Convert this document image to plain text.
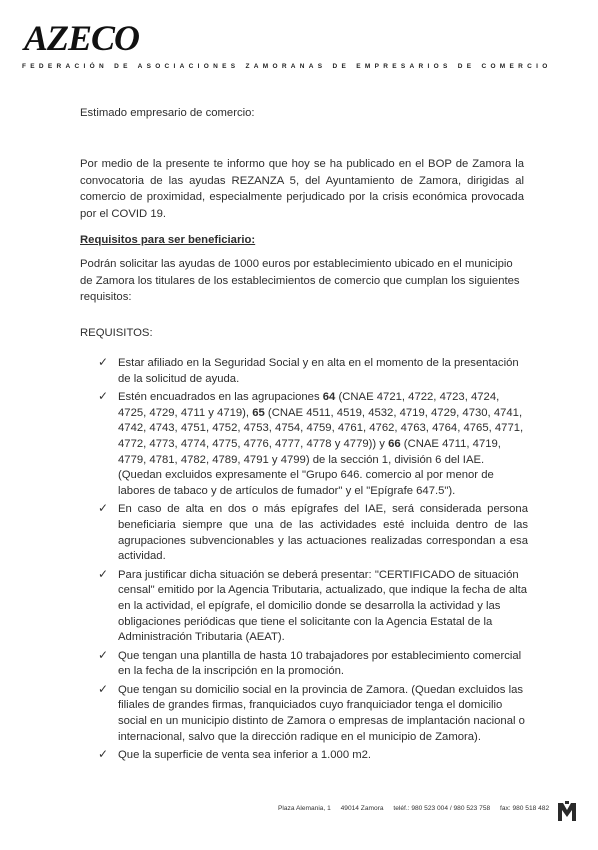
AZECO
FEDERACIÓN DE ASOCIACIONES ZAMORANAS DE EMPRESARIOS DE COMERCIO

Estimado empresario de comercio:

Por medio de la presente te informo que hoy se ha publicado en el BOP de Zamora la convocatoria de las ayudas REZANZA 5, del Ayuntamiento de Zamora, dirigidas al comercio de proximidad, especialmente perjudicado por la crisis económica provocada por el COVID 19.

Requisitos para ser beneficiario:

Podrán solicitar las ayudas de 1000 euros por establecimiento ubicado en el municipio de Zamora los titulares de los establecimientos de comercio que cumplan los siguientes requisitos:

REQUISITOS:

✓ Estar afiliado en la Seguridad Social y en alta en el momento de la presentación de la solicitud de ayuda.
✓ Estén encuadrados en las agrupaciones 64 (CNAE 4721, 4722, 4723, 4724, 4725, 4729, 4711 y 4719), 65 (CNAE 4511, 4519, 4532, 4719, 4729, 4730, 4741, 4742, 4743, 4751, 4752, 4753, 4754, 4759, 4761, 4762, 4763, 4764, 4765, 4771, 4772, 4773, 4774, 4775, 4776, 4777, 4778 y 4779)) y 66 (CNAE 4711, 4719, 4779, 4781, 4782, 4789, 4791 y 4799) de la sección 1, división 6 del IAE. (Quedan excluidos expresamente el "Grupo 646. comercio al por menor de labores de tabaco y de artículos de fumador" y el "Epígrafe 647.5").
✓ En caso de alta en dos o más epígrafes del IAE, será considerada persona beneficiaria siempre que una de las actividades esté incluida dentro de las agrupaciones subvencionables y las actuaciones realizadas correspondan a esa actividad.
✓ Para justificar dicha situación se deberá presentar: "CERTIFICADO de situación censal" emitido por la Agencia Tributaria, actualizado, que indique la fecha de alta en la actividad, el epígrafe, el domicilio donde se desarrolla la actividad y las obligaciones periódicas que tiene el solicitante con la Agencia Estatal de la Administración Tributaria (AEAT).
✓ Que tengan una plantilla de hasta 10 trabajadores por establecimiento comercial en la fecha de la inscripción en la promoción.
✓ Que tengan su domicilio social en la provincia de Zamora. (Quedan excluidos las filiales de grandes firmas, franquiciados cuyo franquiciador tenga el domicilio social en un municipio distinto de Zamora o empresas de implantación nacional o internacional, salvo que la dirección radique en el municipio de Zamora).
✓ Que la superficie de venta sea inferior a 1.000 m2.
Plaza Alemania, 1 49014 Zamora teléf.: 980 523 004 / 980 523 758 fax: 980 518 482
